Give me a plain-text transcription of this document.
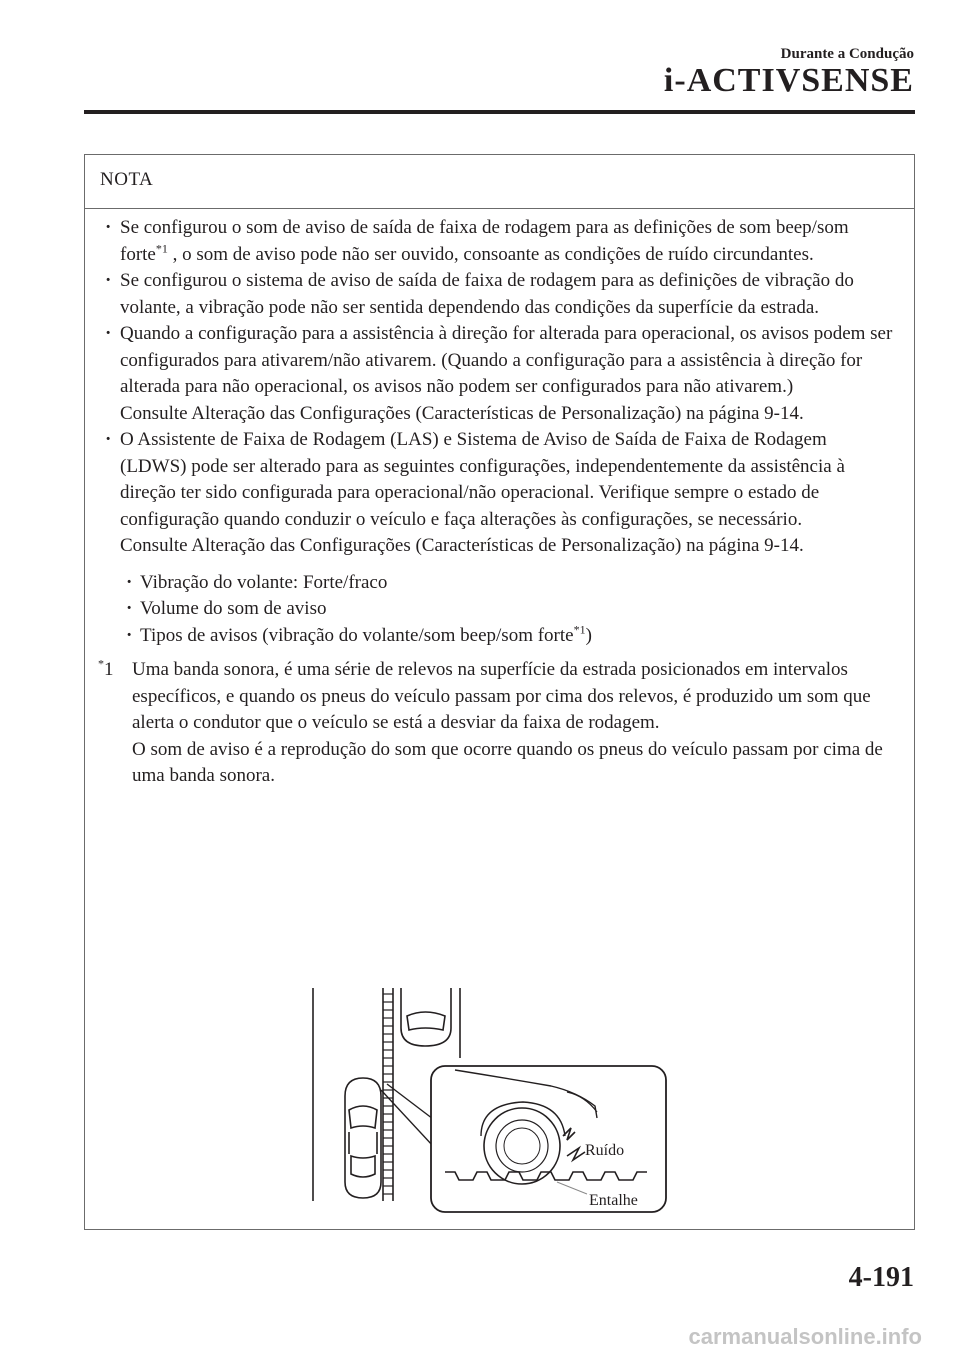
Durante a Condução
i-ACTIVSENSE
NOTA
· Se configurou o som de aviso de saída de faixa de rodagem para as definições de som beep/som forte$^{*1}$ , o som de aviso pode não ser ouvido, consoante as condições de ruído circundantes.
· Se configurou o sistema de aviso de saída de faixa de rodagem para as definições de vibração do volante, a vibração pode não ser sentida dependendo das condições da superfície da estrada.
· Quando a configuração para a assistência à direção for alterada para operacional, os avisos podem ser configurados para ativarem/não ativarem. (Quando a configuração para a assistência à direção for alterada para não operacional, os avisos não podem ser configurados para não ativarem.)
Consulte Alteração das Configurações (Características de Personalização) na página 9-14.
· O Assistente de Faixa de Rodagem (LAS) e Sistema de Aviso de Saída de Faixa de Rodagem (LDWS) pode ser alterado para as seguintes configurações, independentemente da assistência à direção ter sido configurada para operacional/não operacional. Verifique sempre o estado de configuração quando conduzir o veículo e faça alterações às configurações, se necessário.
Consulte Alteração das Configurações (Características de Personalização) na página 9-14.
· Vibração do volante: Forte/fraco
· Volume do som de aviso
· Tipos de avisos (vibração do volante/som beep/som forte$^{*1}$)
*1 Uma banda sonora, é uma série de relevos na superfície da estrada posicionados em intervalos específicos, e quando os pneus do veículo passam por cima dos relevos, é produzido um som que alerta o condutor que o veículo se está a desviar da faixa de rodagem.
O som de aviso é a reprodução do som que ocorre quando os pneus do veículo passam por cima de uma banda sonora.
Ruído
Entalhe
4-191
carmanualsonline.info
